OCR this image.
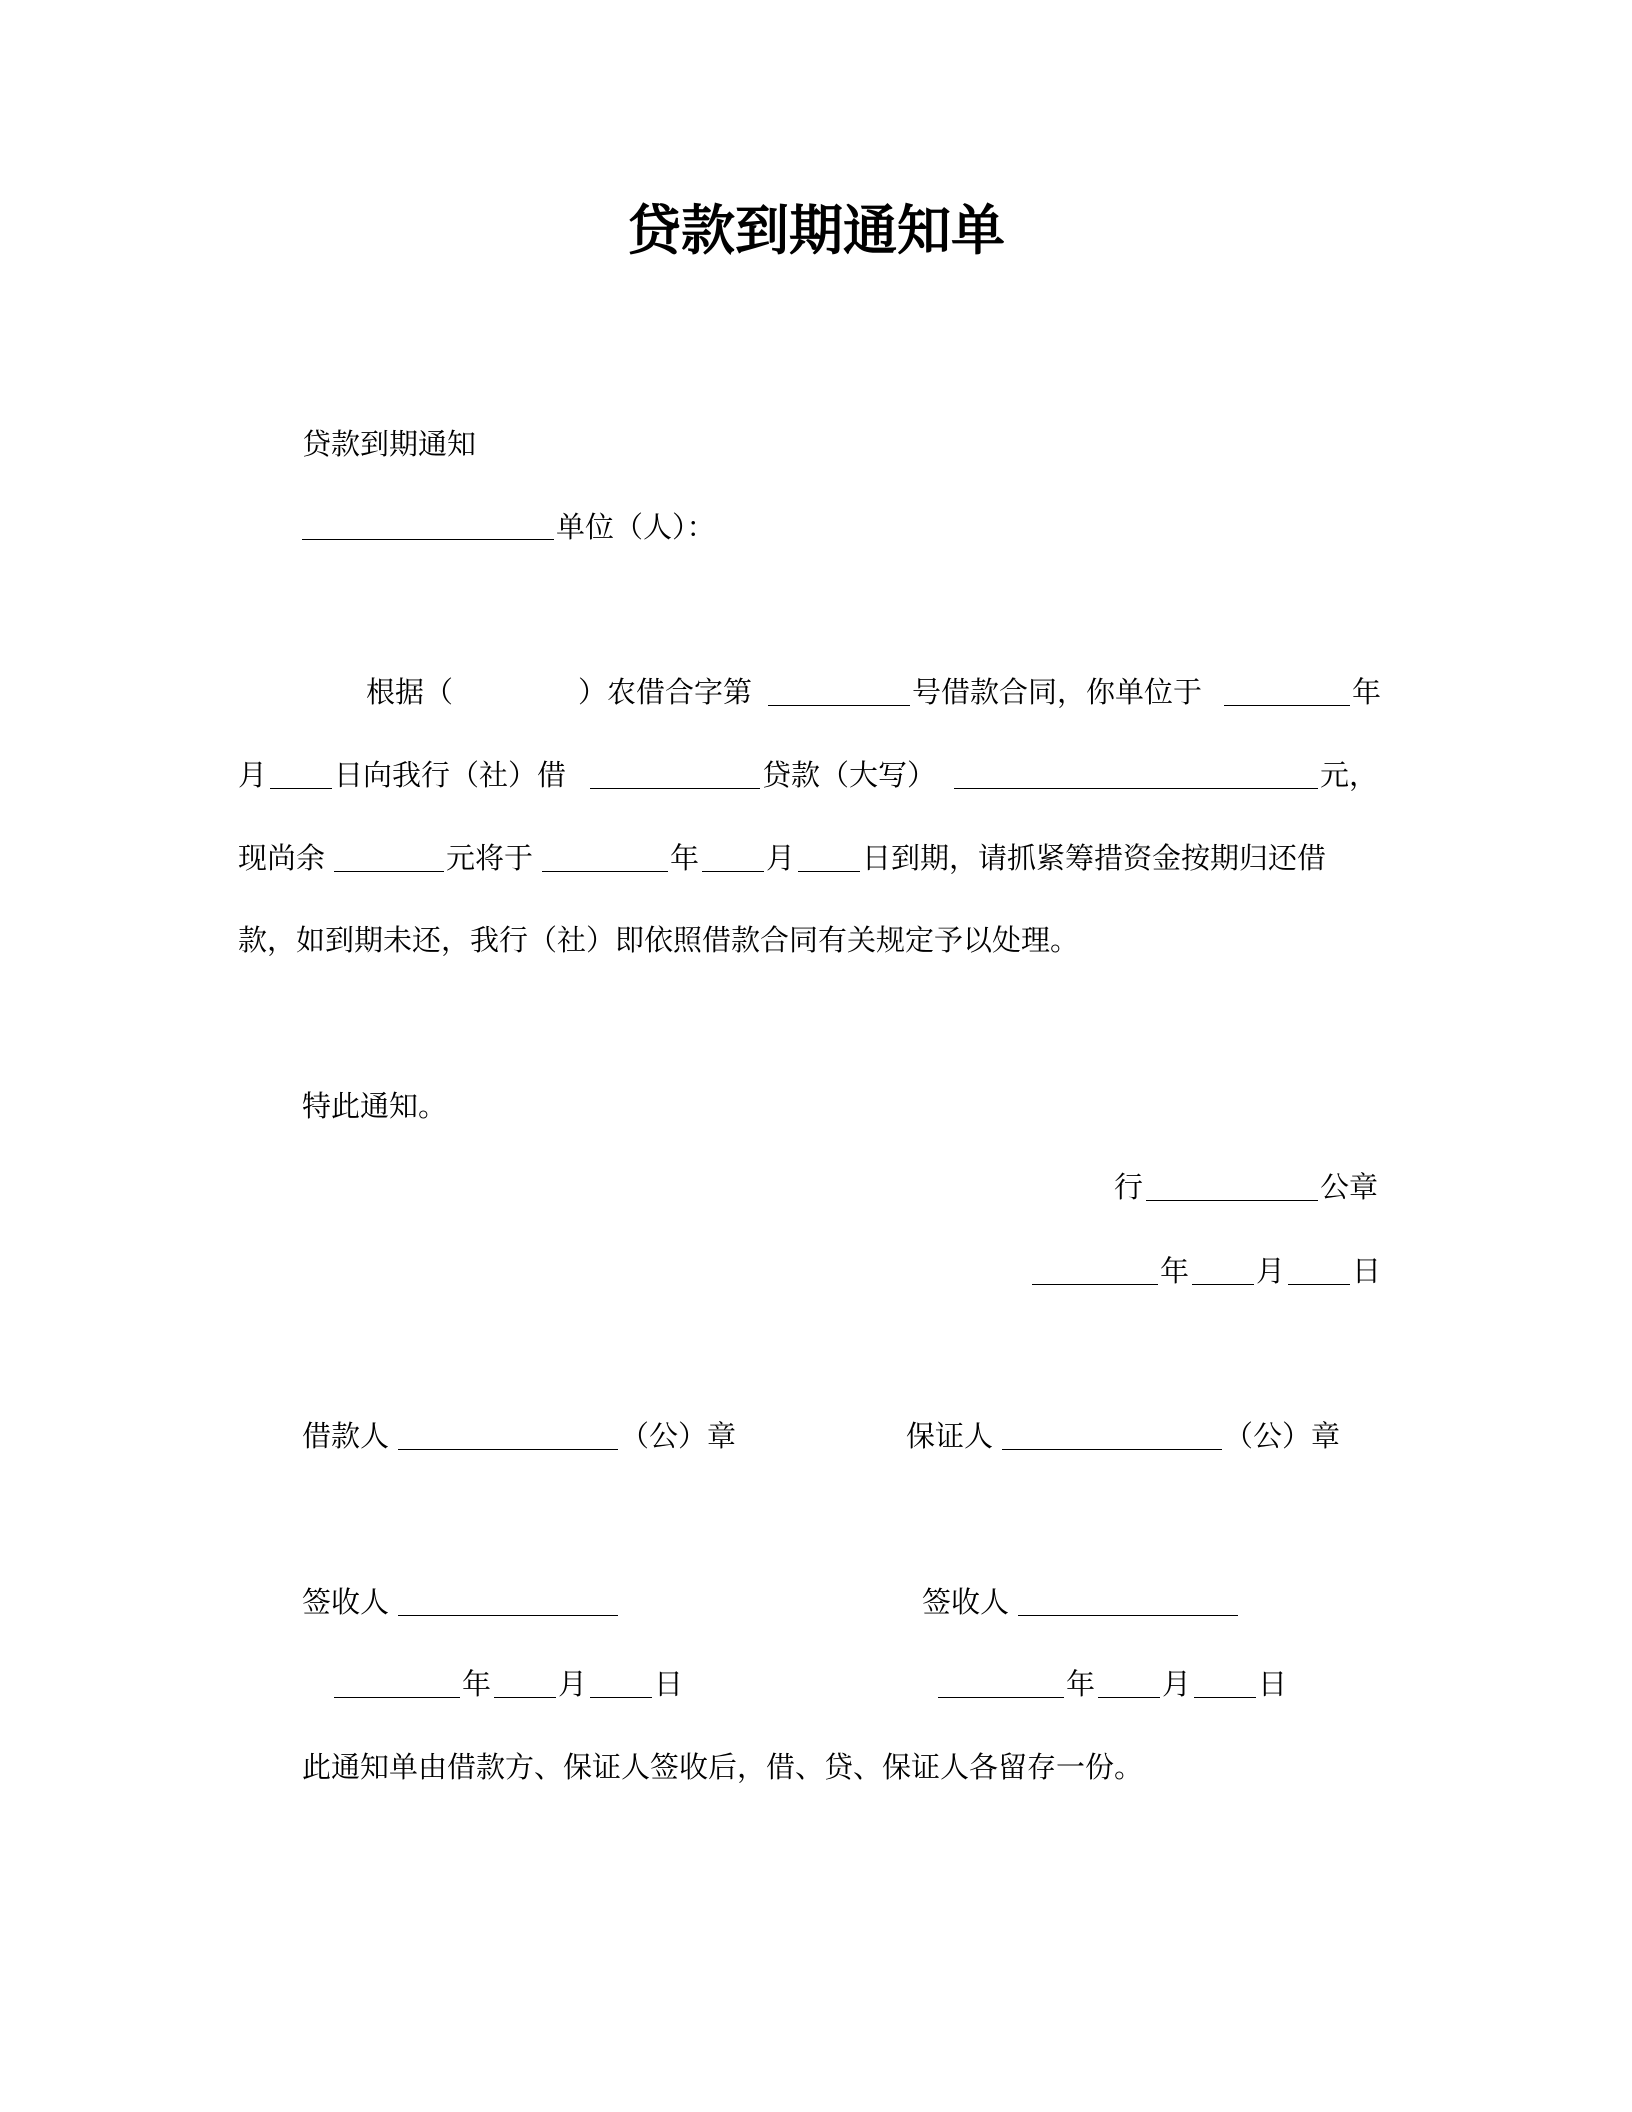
贷款到期通知单
贷款到期通知
单位（人）：
根据（	）农借合字第	号借款合同，你单位于	年
月 日向我行（社）借	贷款（大写）	元，
现尚余	元将于	年 月 日到期，请抓紧筹措资金按期归还借
款，如到期未还，我行（社）即依照借款合同有关规定予以处理。
特此通知。
行	公章
年 月 日
借款人	（公）章	保证人	（公）章
签收人	签收人
年 月 日	年 月 日
此通知单由借款方、保证人签收后，借、贷、保证人各留存一份。
